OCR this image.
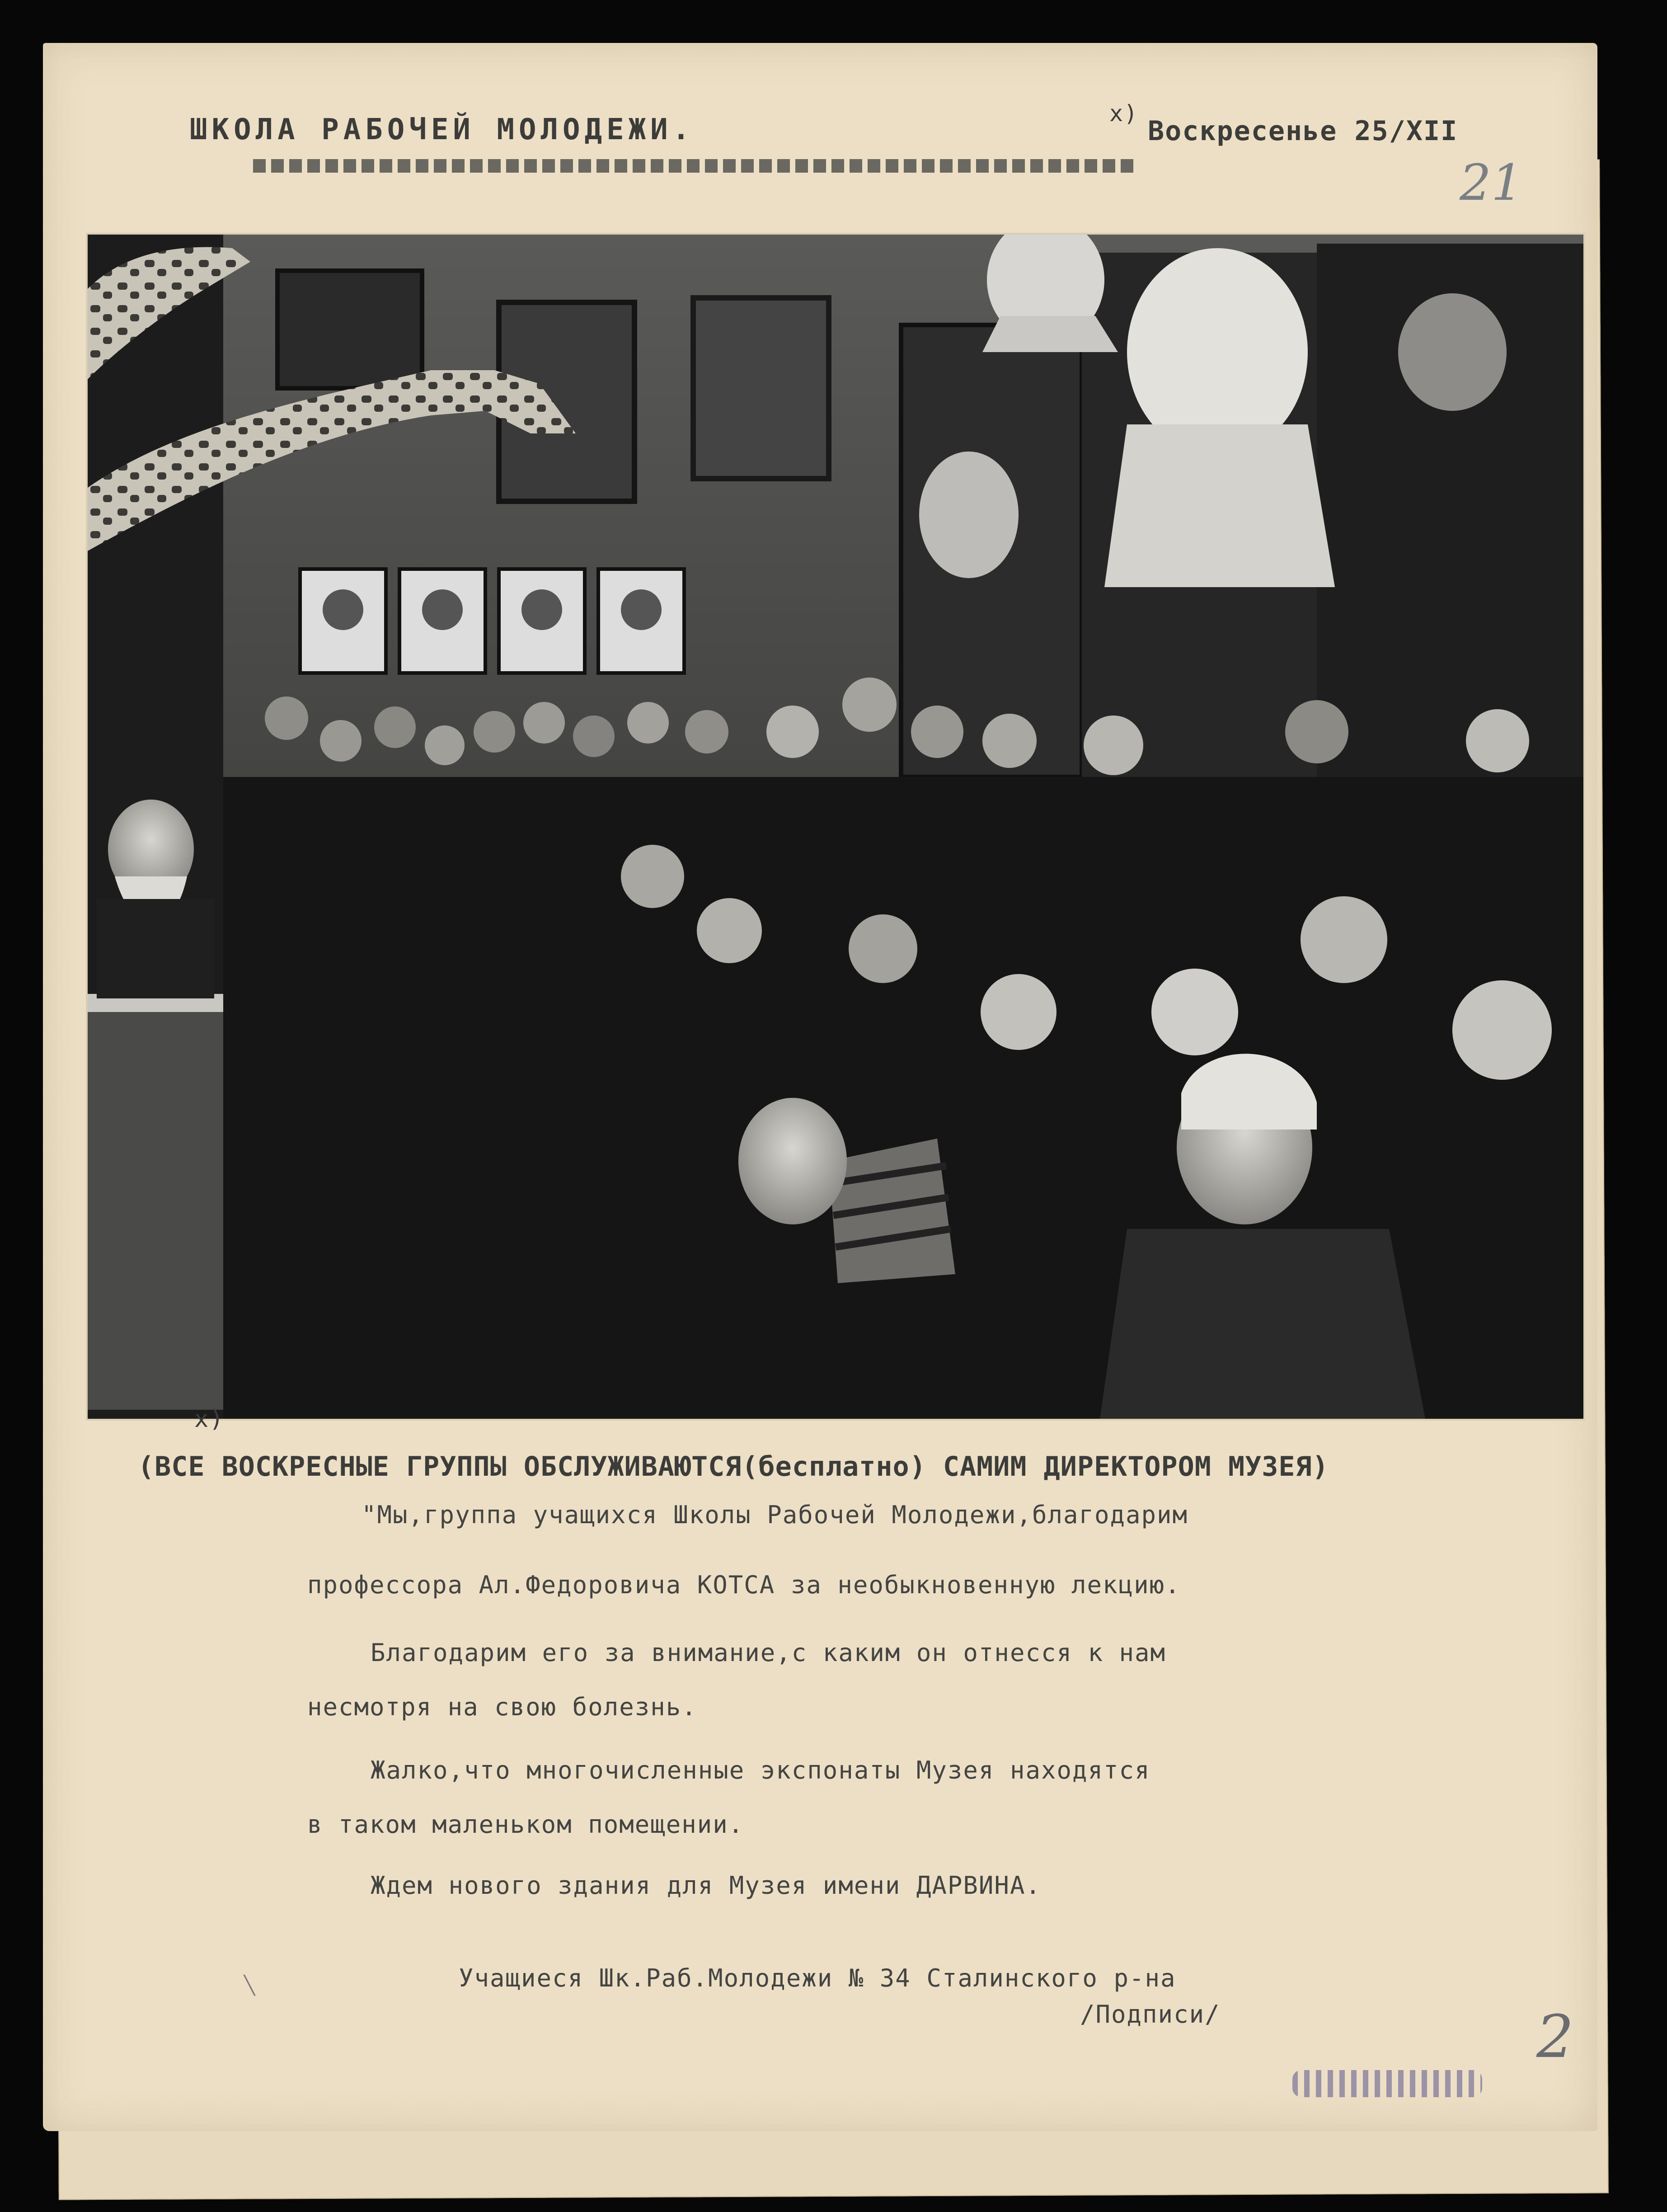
ШКОЛА РАБОЧЕЙ МОЛОДЕЖИ.	x)
Воскресенье 25/XII
21
x)
(ВСЕ ВОСКРЕСНЫЕ ГРУППЫ ОБСЛУЖИВАЮТСЯ(бесплатно) САМИМ ДИРЕКТОРОМ МУЗЕЯ)
"Мы,группа учащихся Школы Рабочей Молодежи,благодарим
профессора Ал.Федоровича КОТСА за необыкновенную лекцию.
Благодарим его за внимание,с каким он отнесся к нам
несмотря на свою болезнь.
Жалко,что многочисленные экспонаты Музея находятся
в таком маленьком помещении.
Ждем нового здания для Музея имени ДАРВИНА.
Учащиеся Шк.Раб.Молодежи № 34 Сталинского р-на
/Подписи/
╲
2
